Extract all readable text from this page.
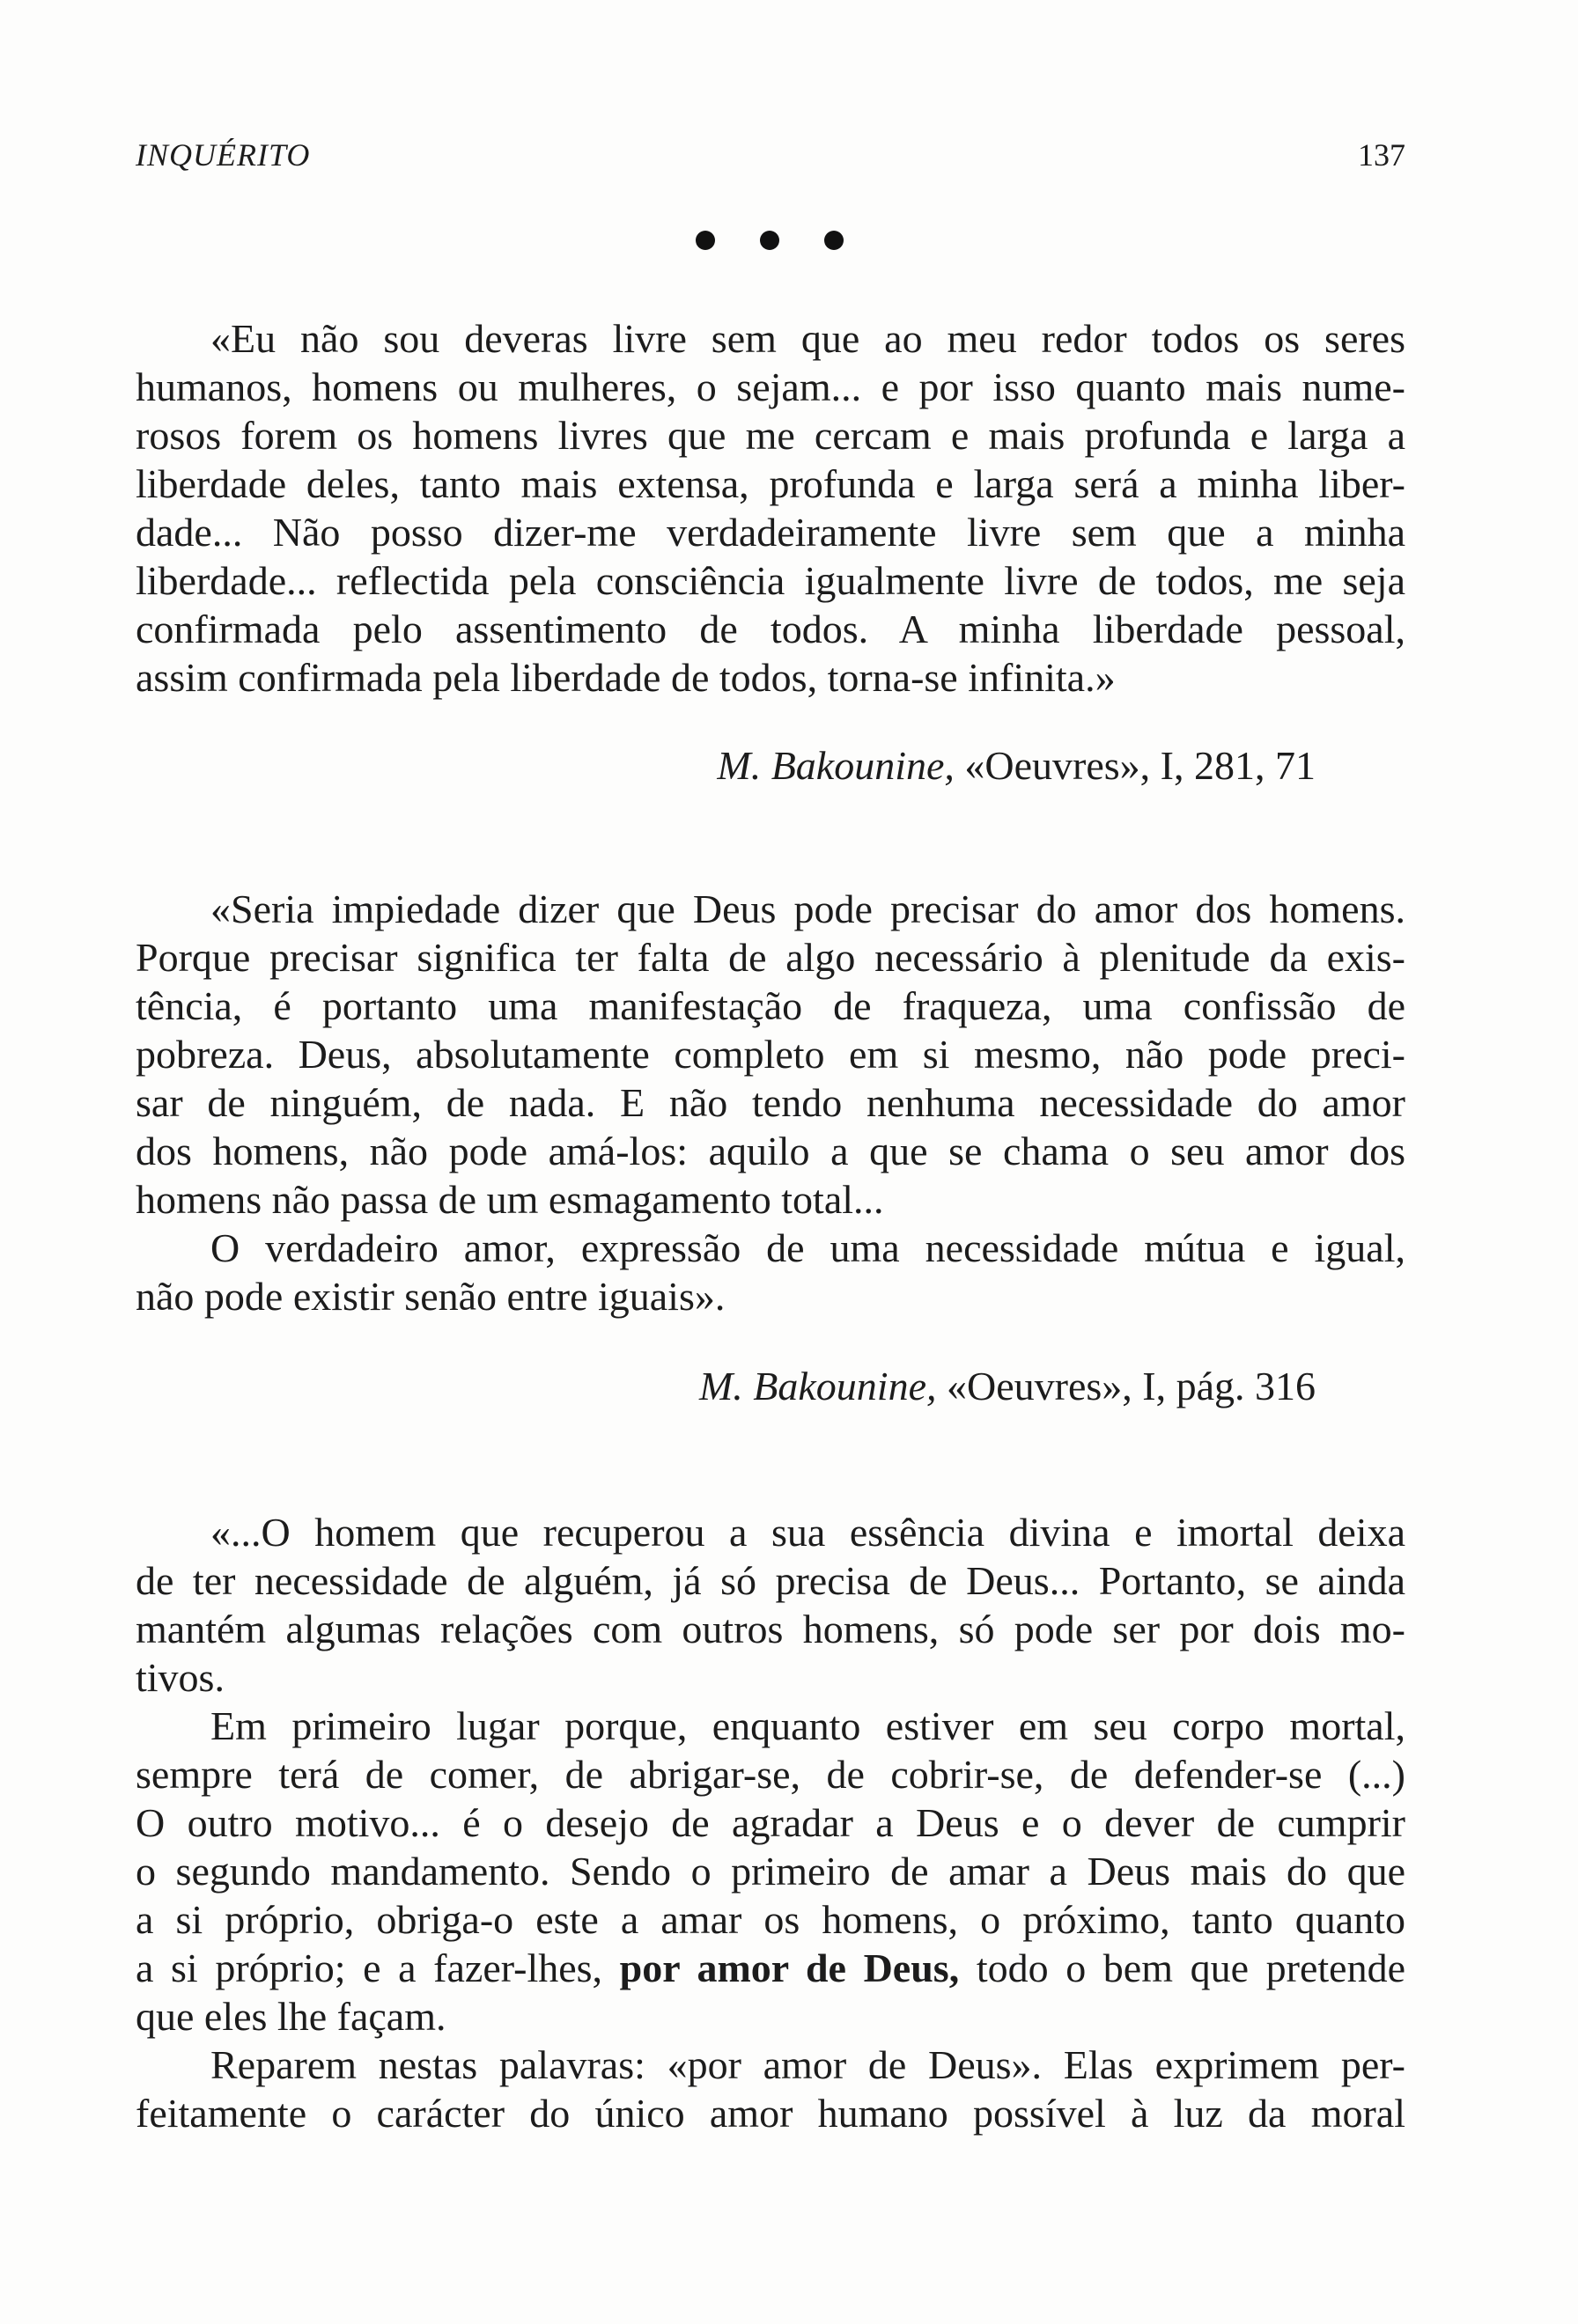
INQUÉRITO	137
«Eu não sou deveras livre sem que ao meu redor todos os seres
humanos, homens ou mulheres, o sejam... e por isso quanto mais nume-
rosos forem os homens livres que me cercam e mais profunda e larga a
liberdade deles, tanto mais extensa, profunda e larga será a minha liber-
dade... Não posso dizer-me verdadeiramente livre sem que a minha
liberdade... reflectida pela consciência igualmente livre de todos, me seja
confirmada pelo assentimento de todos. A minha liberdade pessoal,
assim confirmada pela liberdade de todos, torna-se infinita.»
M. Bakounine, «Oeuvres», I, 281, 71
«Seria impiedade dizer que Deus pode precisar do amor dos homens.
Porque precisar significa ter falta de algo necessário à plenitude da exis-
tência, é portanto uma manifestação de fraqueza, uma confissão de
pobreza. Deus, absolutamente completo em si mesmo, não pode preci-
sar de ninguém, de nada. E não tendo nenhuma necessidade do amor
dos homens, não pode amá-los: aquilo a que se chama o seu amor dos
homens não passa de um esmagamento total...
O verdadeiro amor, expressão de uma necessidade mútua e igual,
não pode existir senão entre iguais».
M. Bakounine, «Oeuvres», I, pág. 316
«...O homem que recuperou a sua essência divina e imortal deixa
de ter necessidade de alguém, já só precisa de Deus... Portanto, se ainda
mantém algumas relações com outros homens, só pode ser por dois mo-
tivos.
Em primeiro lugar porque, enquanto estiver em seu corpo mortal,
sempre terá de comer, de abrigar-se, de cobrir-se, de defender-se (...)
O outro motivo... é o desejo de agradar a Deus e o dever de cumprir
o segundo mandamento. Sendo o primeiro de amar a Deus mais do que
a si próprio, obriga-o este a amar os homens, o próximo, tanto quanto
a si próprio; e a fazer-lhes, por amor de Deus, todo o bem que pretende
que eles lhe façam.
Reparem nestas palavras: «por amor de Deus». Elas exprimem per-
feitamente o carácter do único amor humano possível à luz da moral
